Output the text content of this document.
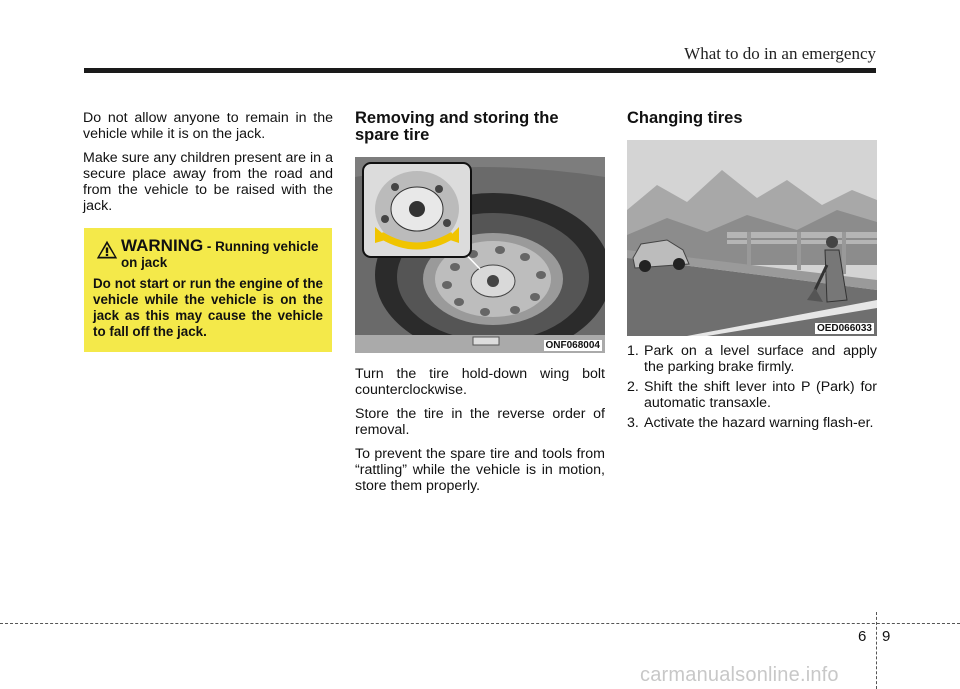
What to do in an emergency

Do not allow anyone to remain in the vehicle while it is on the jack.

Make sure any children present are in a secure place away from the road and from the vehicle to be raised with the jack.

WARNING - Running vehicle on jack
Do not start or run the engine of the vehicle while the vehicle is on the jack as this may cause the vehicle to fall off the jack.
Removing and storing the spare tire
ONF068004

Turn the tire hold-down wing bolt counterclockwise.

Store the tire in the reverse order of removal.

To prevent the spare tire and tools from “rattling” while the vehicle is in motion, store them properly.

Changing tires
OED066033
1. Park on a level surface and apply the parking brake firmly.
2. Shift the shift lever into P (Park) for automatic transaxle.
3. Activate the hazard warning flash-er.
6 9
carmanualsonline.info
